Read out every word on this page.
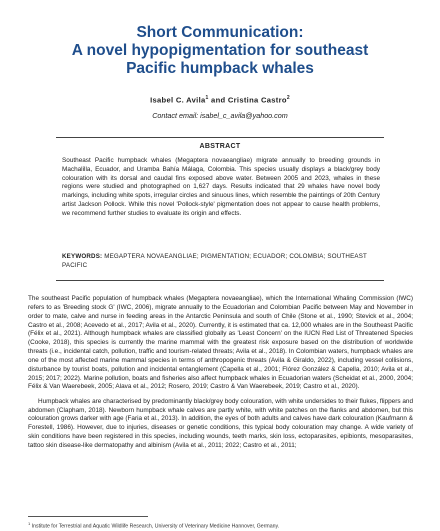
Short Communication:
A novel hypopigmentation for southeast
Pacific humpback whales
Isabel C. Avila$^1$ and Cristina Castro$^2$
Contact email: isabel_c_avila@yahoo.com
ABSTRACT
Southeast Pacific humpback whales (Megaptera novaeangliae) migrate annually to breeding grounds in Machalilla, Ecuador, and Uramba Bahía Málaga, Colombia. This species usually displays a black/grey body colouration with its dorsal and caudal fins exposed above water. Between 2005 and 2023, whales in these regions were studied and photographed on 1,627 days. Results indicated that 29 whales have novel body markings, including white spots, irregular circles and sinuous lines, which resemble the paintings of 20th Century artist Jackson Pollock. While this novel 'Pollock-style' pigmentation does not appear to cause health problems, we recommend further studies to evaluate its origin and effects.
KEYWORDS: MEGAPTERA NOVAEANGLIAE; PIGMENTATION; ECUADOR; COLOMBIA; SOUTHEAST PACIFIC

The southeast Pacific population of humpback whales (Megaptera novaeangliae), which the International Whaling Commission (IWC) refers to as 'Breeding stock G' (IWC, 2006), migrate annually to the Ecuadorian and Colombian Pacific between May and November in order to mate, calve and nurse in feeding areas in the Antarctic Peninsula and south of Chile (Stone et al., 1990; Stevick et al., 2004; Castro et al., 2008; Acevedo et al., 2017; Avila et al., 2020). Currently, it is estimated that ca. 12,000 whales are in the Southeast Pacific (Félix et al., 2021). Although humpback whales are classified globally as 'Least Concern' on the IUCN Red List of Threatened Species (Cooke, 2018), this species is currently the marine mammal with the greatest risk exposure based on the distribution of worldwide threats (i.e., incidental catch, pollution, traffic and tourism-related threats; Avila et al., 2018). In Colombian waters, humpback whales are one of the most affected marine mammal species in terms of anthropogenic threats (Avila & Giraldo, 2022), including vessel collisions, disturbance by tourist boats, pollution and incidental entanglement (Capella et al., 2001; Flórez González & Capella, 2010; Avila et al., 2015; 2017; 2022). Marine pollution, boats and fisheries also affect humpback whales in Ecuadorian waters (Scheidat et al., 2000, 2004; Félix & Van Waerebeek, 2005; Alava et al., 2012; Rosero, 2019; Castro & Van Waerebeek, 2019; Castro et al., 2020).

Humpback whales are characterised by predominantly black/grey body colouration, with white undersides to their flukes, flippers and abdomen (Clapham, 2018). Newborn humpback whale calves are partly white, with white patches on the flanks and abdomen, but this colouration grows darker with age (Faria et al., 2013). In addition, the eyes of both adults and calves have dark colouration (Kaufmann & Forestell, 1986). However, due to injuries, diseases or genetic conditions, this typical body colouration may change. A wide variety of skin conditions have been registered in this species, including wounds, teeth marks, skin loss, ectoparasites, epibionts, mesoparasites, tattoo skin disease-like dermatopathy and albinism (Avila et al., 2011; 2022; Castro et al., 2011;

$^1$ Institute for Terrestrial and Aquatic Wildlife Research, University of Veterinary Medicine Hannover, Germany.
